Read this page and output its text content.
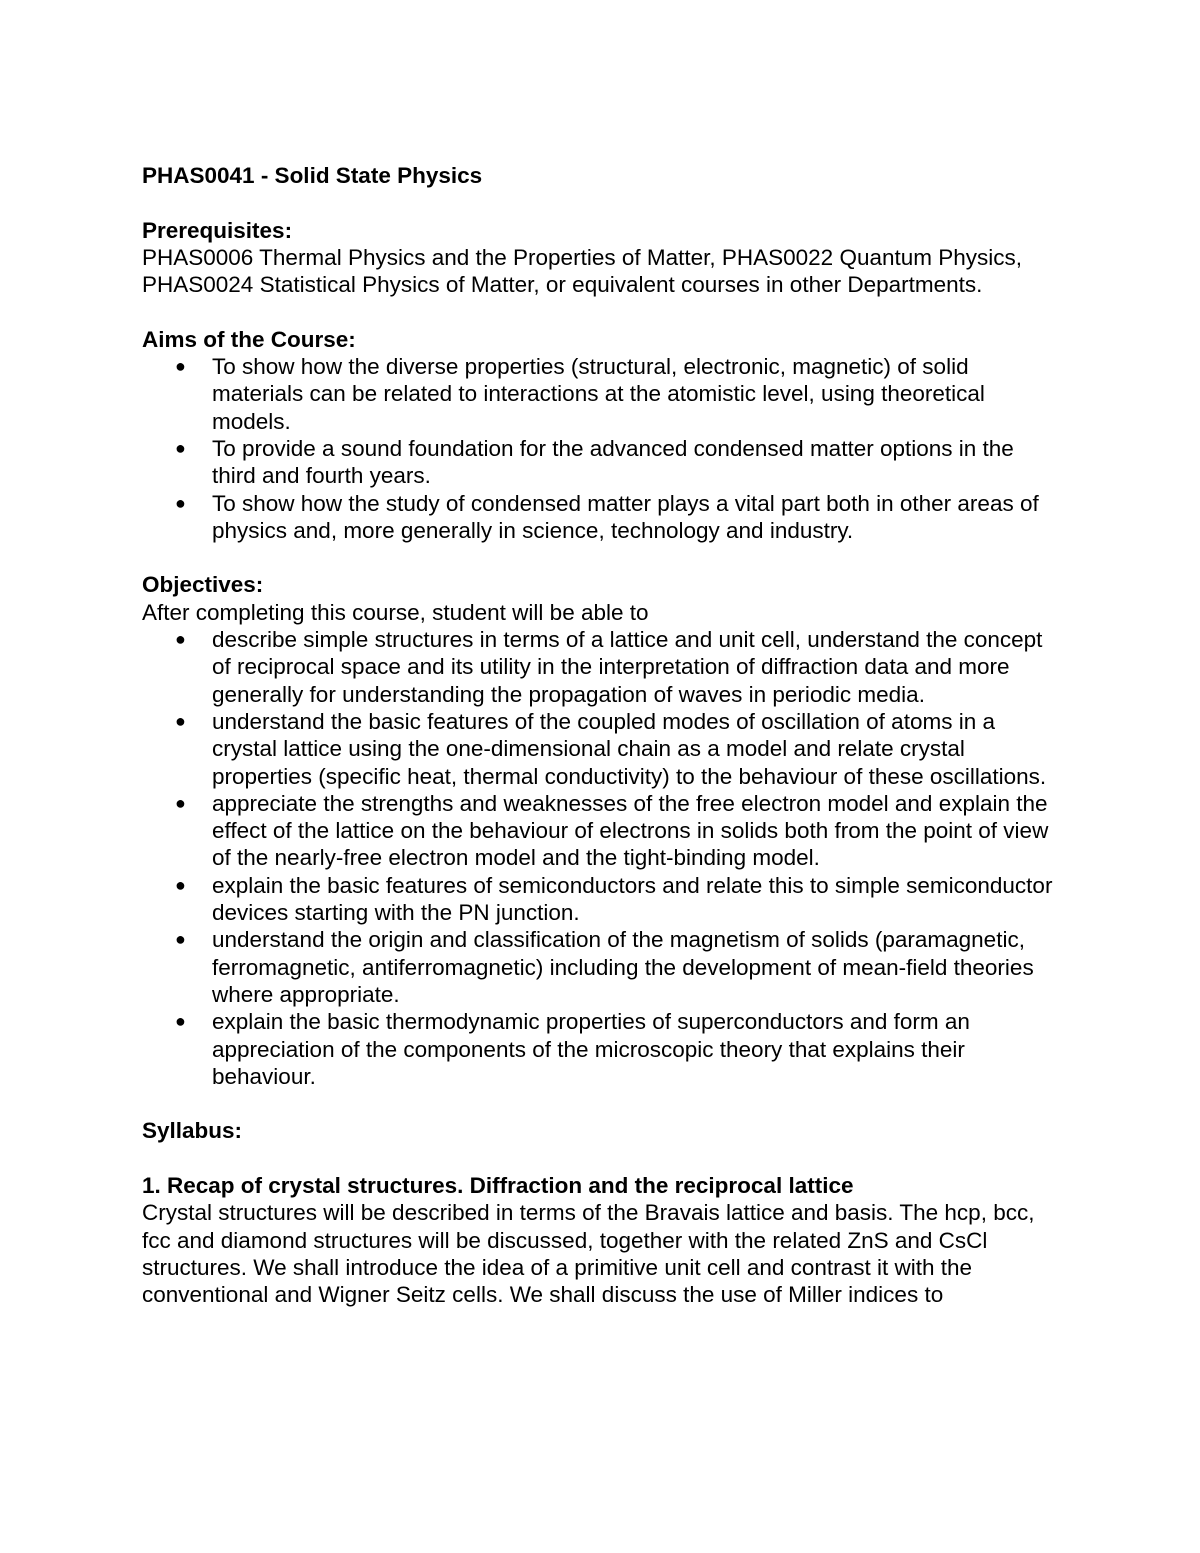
PHAS0041 - Solid State Physics

Prerequisites:

PHAS0006 Thermal Physics and the Properties of Matter, PHAS0022 Quantum Physics, PHAS0024 Statistical Physics of Matter, or equivalent courses in other Departments.

Aims of the Course:

● To show how the diverse properties (structural, electronic, magnetic) of solid materials can be related to interactions at the atomistic level, using theoretical models.
● To provide a sound foundation for the advanced condensed matter options in the third and fourth years.
● To show how the study of condensed matter plays a vital part both in other areas of physics and, more generally in science, technology and industry.

Objectives:

After completing this course, student will be able to

● describe simple structures in terms of a lattice and unit cell, understand the concept of reciprocal space and its utility in the interpretation of diffraction data and more generally for understanding the propagation of waves in periodic media.
● understand the basic features of the coupled modes of oscillation of atoms in a crystal lattice using the one-dimensional chain as a model and relate crystal properties (specific heat, thermal conductivity) to the behaviour of these oscillations.
● appreciate the strengths and weaknesses of the free electron model and explain the effect of the lattice on the behaviour of electrons in solids both from the point of view of the nearly-free electron model and the tight-binding model.
● explain the basic features of semiconductors and relate this to simple semiconductor devices starting with the PN junction.
● understand the origin and classification of the magnetism of solids (paramagnetic, ferromagnetic, antiferromagnetic) including the development of mean-field theories where appropriate.
● explain the basic thermodynamic properties of superconductors and form an appreciation of the components of the microscopic theory that explains their behaviour.

Syllabus:

1. Recap of crystal structures. Diffraction and the reciprocal lattice

Crystal structures will be described in terms of the Bravais lattice and basis. The hcp, bcc, fcc and diamond structures will be discussed, together with the related ZnS and CsCl structures. We shall introduce the idea of a primitive unit cell and contrast it with the conventional and Wigner Seitz cells. We shall discuss the use of Miller indices to
